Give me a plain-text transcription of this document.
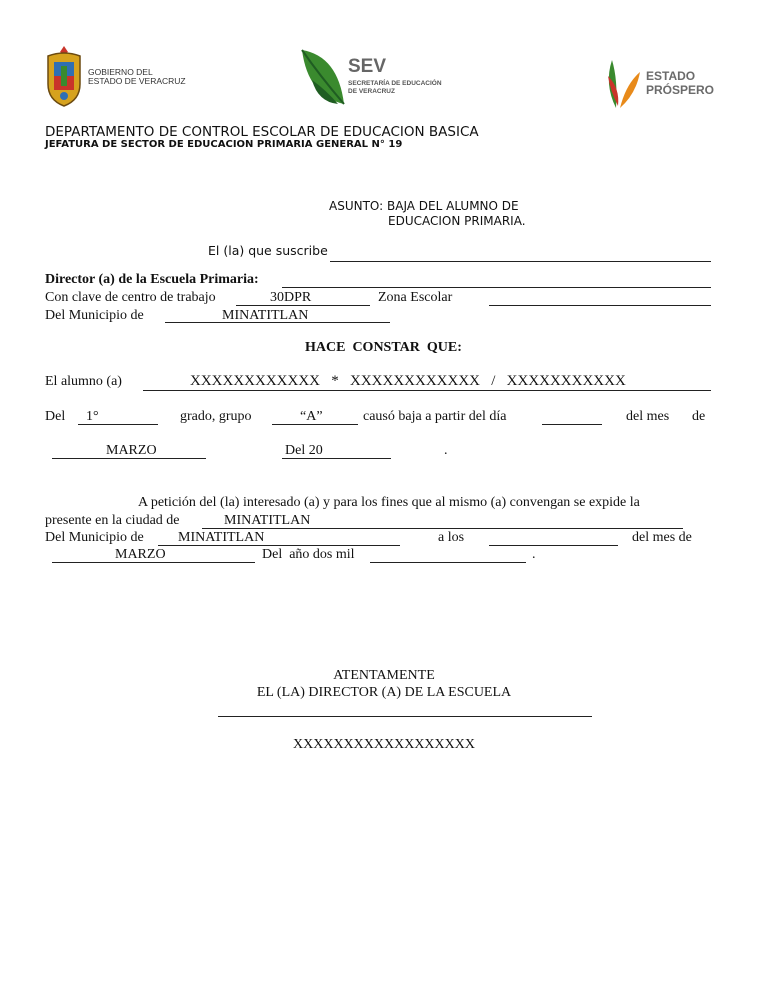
GOBIERNO DEL
ESTADO DE VERACRUZ
SEV
SECRETARÍA DE EDUCACIÓN
DE VERACRUZ
ESTADO
PRÓSPERO
DEPARTAMENTO DE CONTROL ESCOLAR DE EDUCACION BASICA
JEFATURA DE SECTOR DE EDUCACION PRIMARIA GENERAL N° 19
ASUNTO: BAJA DEL ALUMNO DE
EDUCACION PRIMARIA.
El (la) que suscribe
Director (a) de la Escuela Primaria:
Con clave de centro de trabajo	30DPR	Zona Escolar
Del Municipio de	MINATITLAN
HACE  CONSTAR  QUE:
El alumno (a)	XXXXXXXXXXXX   *   XXXXXXXXXXXX   /   XXXXXXXXXXX
Del 1°	grado, grupo	“A”	causó baja a partir del día	del mes de
MARZO	Del 20	.
A petición del (la) interesado (a) y para los fines que al mismo (a) convengan se expide la
presente en la ciudad de	MINATITLAN
Del Municipio de MINATITLAN	a los	del mes de
MARZO	Del  año dos mil	.
ATENTAMENTE
EL (LA) DIRECTOR (A) DE LA ESCUELA
XXXXXXXXXXXXXXXXXX
